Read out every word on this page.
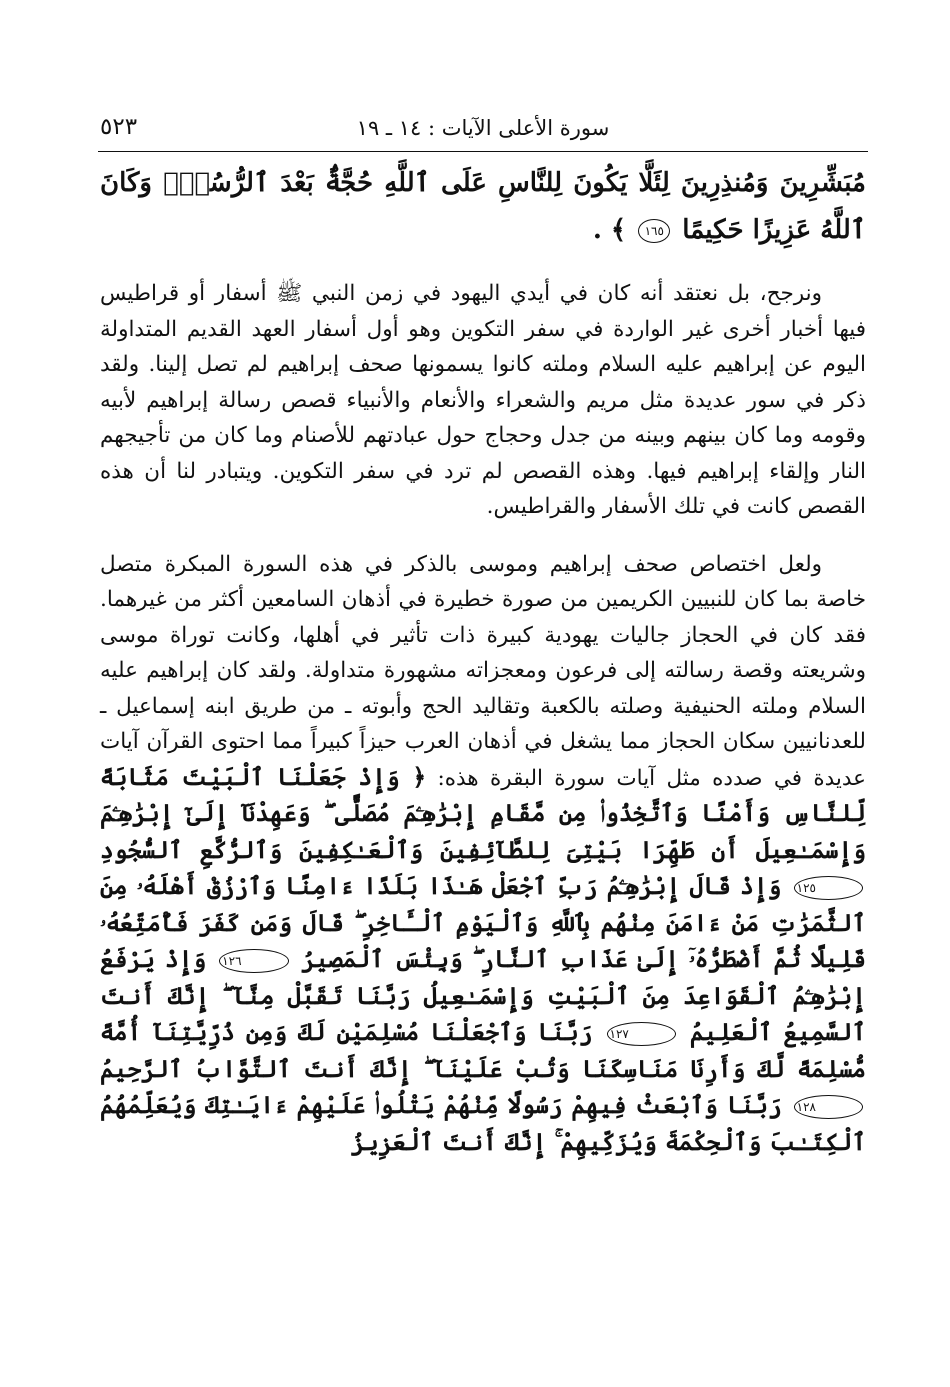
٥٢٣	سورة الأعلى الآيات : ١٤ ـ ١٩

مُبَشِّرِينَ وَمُنذِرِينَ لِئَلَّا يَكُونَ لِلنَّاسِ عَلَى ٱللَّهِ حُجَّةٌۢ بَعْدَ ٱلرُّسُلِۚ وَكَانَ ٱللَّهُ عَزِيزًا حَكِيمًا ١٦٥ ﴾ .

ونرجح، بل نعتقد أنه كان في أيدي اليهود في زمن النبي ﷺ أسفار أو قراطيس فيها أخبار أخرى غير الواردة في سفر التكوين وهو أول أسفار العهد القديم المتداولة اليوم عن إبراهيم عليه السلام وملته كانوا يسمونها صحف إبراهيم لم تصل إلينا. ولقد ذكر في سور عديدة مثل مريم والشعراء والأنعام والأنبياء قصص رسالة إبراهيم لأبيه وقومه وما كان بينهم وبينه من جدل وحجاج حول عبادتهم للأصنام وما كان من تأجيجهم النار وإلقاء إبراهيم فيها. وهذه القصص لم ترد في سفر التكوين. ويتبادر لنا أن هذه القصص كانت في تلك الأسفار والقراطيس.

ولعل اختصاص صحف إبراهيم وموسى بالذكر في هذه السورة المبكرة متصل خاصة بما كان للنبيين الكريمين من صورة خطيرة في أذهان السامعين أكثر من غيرهما. فقد كان في الحجاز جاليات يهودية كبيرة ذات تأثير في أهلها، وكانت توراة موسى وشريعته وقصة رسالته إلى فرعون ومعجزاته مشهورة متداولة. ولقد كان إبراهيم عليه السلام وملته الحنيفية وصلته بالكعبة وتقاليد الحج وأبوته ـ من طريق ابنه إسماعيل ـ للعدنانيين سكان الحجاز مما يشغل في أذهان العرب حيزاً كبيراً مما احتوى القرآن آيات عديدة في صدده مثل آيات سورة البقرة هذه: ﴿ وَإِذْ جَعَلْنَا ٱلْبَيْتَ مَثَابَةً لِّلنَّاسِ وَأَمْنًا وَٱتَّخِذُوا۟ مِن مَّقَامِ إِبْرَٰهِـۧمَ مُصَلًّى ۖ وَعَهِدْنَآ إِلَىٰٓ إِبْرَٰهِـۧمَ وَإِسْمَـٰعِيلَ أَن طَهِّرَا بَيْتِىَ لِلطَّآئِفِينَ وَٱلْعَـٰكِفِينَ وَٱلرُّكَّعِ ٱلسُّجُودِ ١٢٥ وَإِذْ قَالَ إِبْرَٰهِـۧمُ رَبِّ ٱجْعَلْ هَـٰذَا بَلَدًا ءَامِنًا وَٱرْزُقْ أَهْلَهُۥ مِنَ ٱلثَّمَرَٰتِ مَنْ ءَامَنَ مِنْهُم بِٱللَّهِ وَٱلْيَوْمِ ٱلْـَٔاخِرِ ۖ قَالَ وَمَن كَفَرَ فَأُمَتِّعُهُۥ قَلِيلًا ثُمَّ أَضْطَرُّهُۥٓ إِلَىٰ عَذَابِ ٱلنَّارِ ۖ وَبِئْسَ ٱلْمَصِيرُ ١٢٦ وَإِذْ يَرْفَعُ إِبْرَٰهِـۧمُ ٱلْقَوَاعِدَ مِنَ ٱلْبَيْتِ وَإِسْمَـٰعِيلُ رَبَّنَا تَقَبَّلْ مِنَّآ ۖ إِنَّكَ أَنتَ ٱلسَّمِيعُ ٱلْعَلِيمُ ١٢٧ رَبَّنَا وَٱجْعَلْنَا مُسْلِمَيْنِ لَكَ وَمِن ذُرِّيَّتِنَآ أُمَّةً مُّسْلِمَةً لَّكَ وَأَرِنَا مَنَاسِكَنَا وَتُبْ عَلَيْنَآ ۖ إِنَّكَ أَنتَ ٱلتَّوَّابُ ٱلرَّحِيمُ ١٢٨ رَبَّنَا وَٱبْعَثْ فِيهِمْ رَسُولًا مِّنْهُمْ يَتْلُوا۟ عَلَيْهِمْ ءَايَـٰتِكَ وَيُعَلِّمُهُمُ ٱلْكِتَـٰبَ وَٱلْحِكْمَةَ وَيُزَكِّيهِمْ ۚ إِنَّكَ أَنتَ ٱلْعَزِيزُ
